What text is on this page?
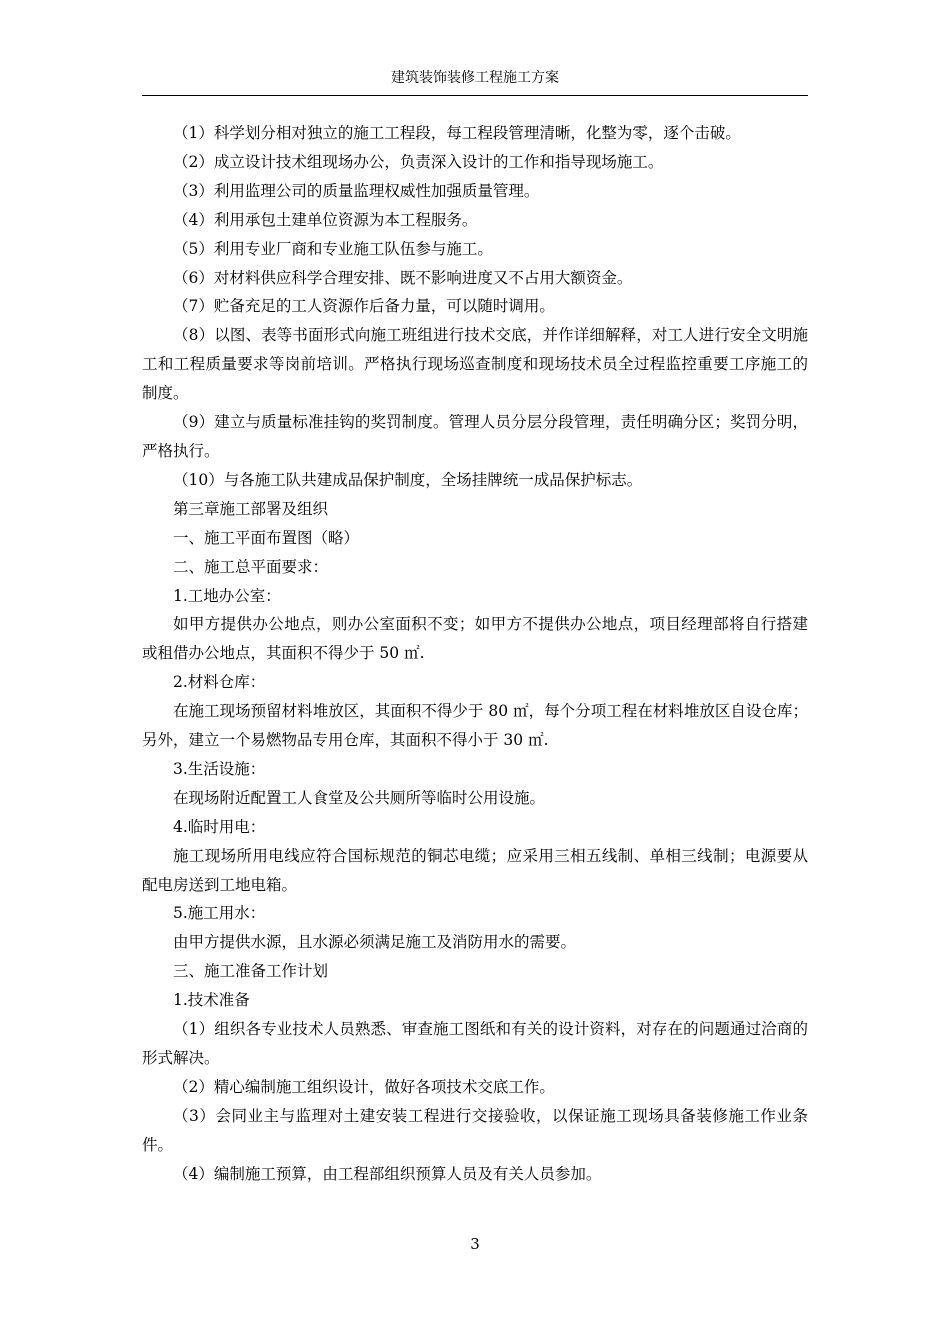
建筑装饰装修工程施工方案

（1）科学划分相对独立的施工工程段，每工程段管理清晰，化整为零，逐个击破。

（2）成立设计技术组现场办公，负责深入设计的工作和指导现场施工。

（3）利用监理公司的质量监理权威性加强质量管理。

（4）利用承包土建单位资源为本工程服务。

（5）利用专业厂商和专业施工队伍参与施工。

（6）对材料供应科学合理安排、既不影响进度又不占用大额资金。

（7）贮备充足的工人资源作后备力量，可以随时调用。

（8）以图、表等书面形式向施工班组进行技术交底，并作详细解释，对工人进行安全文明施工和工程质量要求等岗前培训。严格执行现场巡查制度和现场技术员全过程监控重要工序施工的制度。

（9）建立与质量标准挂钩的奖罚制度。管理人员分层分段管理，责任明确分区；奖罚分明，严格执行。

（10）与各施工队共建成品保护制度，全场挂牌统一成品保护标志。

第三章施工部署及组织

一、施工平面布置图（略）

二、施工总平面要求：

1.工地办公室：

如甲方提供办公地点，则办公室面积不变；如甲方不提供办公地点，项目经理部将自行搭建或租借办公地点，其面积不得少于 50 ㎡.

2.材料仓库：

在施工现场预留材料堆放区，其面积不得少于 80 ㎡，每个分项工程在材料堆放区自设仓库；另外，建立一个易燃物品专用仓库，其面积不得小于 30 ㎡.

3.生活设施：

在现场附近配置工人食堂及公共厕所等临时公用设施。

4.临时用电：

施工现场所用电线应符合国标规范的铜芯电缆；应采用三相五线制、单相三线制；电源要从配电房送到工地电箱。

5.施工用水：

由甲方提供水源，且水源必须满足施工及消防用水的需要。

三、施工准备工作计划

1.技术准备

（1）组织各专业技术人员熟悉、审查施工图纸和有关的设计资料，对存在的问题通过洽商的形式解决。

（2）精心编制施工组织设计，做好各项技术交底工作。

（3）会同业主与监理对土建安装工程进行交接验收，以保证施工现场具备装修施工作业条件。

（4）编制施工预算，由工程部组织预算人员及有关人员参加。

3
